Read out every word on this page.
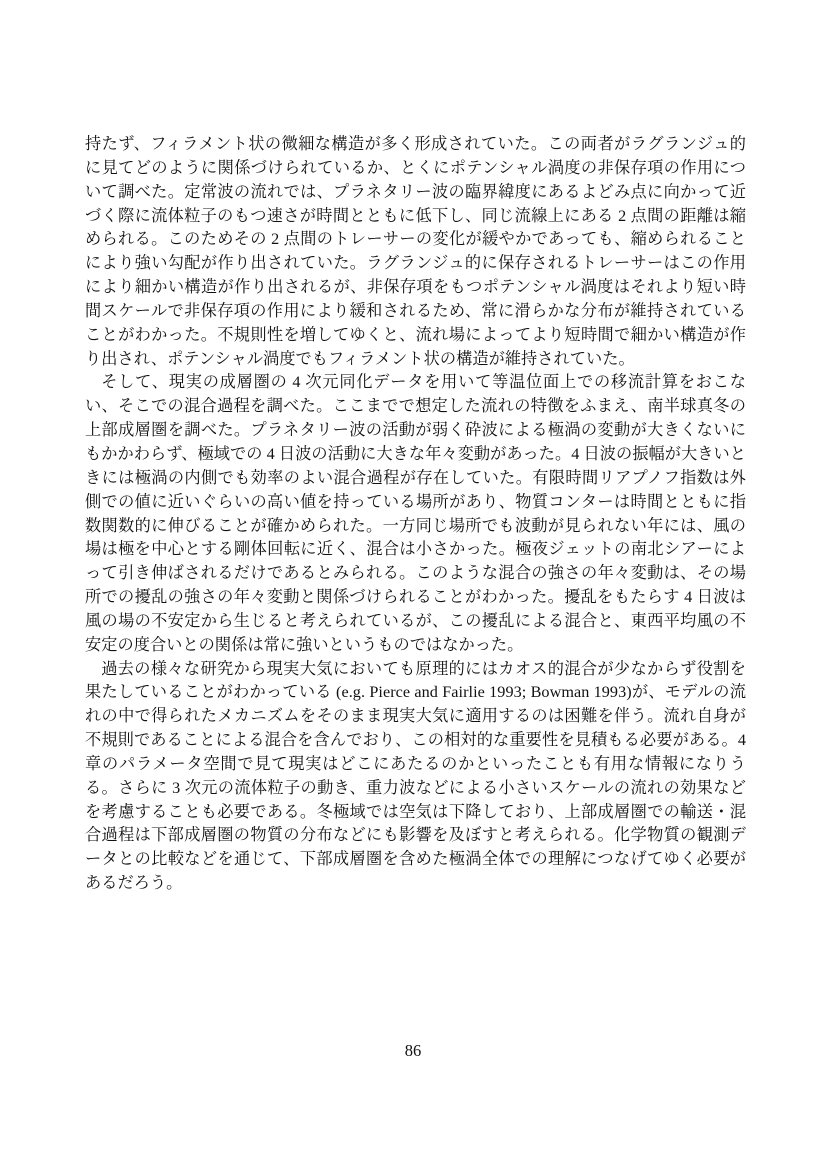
持たず、フィラメント状の微細な構造が多く形成されていた。この両者がラグランジュ的に見てどのように関係づけられているか、とくにポテンシャル渦度の非保存項の作用について調べた。定常波の流れでは、プラネタリー波の臨界緯度にあるよどみ点に向かって近づく際に流体粒子のもつ速さが時間とともに低下し、同じ流線上にある 2 点間の距離は縮められる。このためその 2 点間のトレーサーの変化が緩やかであっても、縮められることにより強い勾配が作り出されていた。ラグランジュ的に保存されるトレーサーはこの作用により細かい構造が作り出されるが、非保存項をもつポテンシャル渦度はそれより短い時間スケールで非保存項の作用により緩和されるため、常に滑らかな分布が維持されていることがわかった。不規則性を増してゆくと、流れ場によってより短時間で細かい構造が作り出され、ポテンシャル渦度でもフィラメント状の構造が維持されていた。

そして、現実の成層圏の 4 次元同化データを用いて等温位面上での移流計算をおこない、そこでの混合過程を調べた。ここまでで想定した流れの特徴をふまえ、南半球真冬の上部成層圏を調べた。プラネタリー波の活動が弱く砕波による極渦の変動が大きくないにもかかわらず、極域での 4 日波の活動に大きな年々変動があった。4 日波の振幅が大きいときには極渦の内側でも効率のよい混合過程が存在していた。有限時間リアプノフ指数は外側での値に近いぐらいの高い値を持っている場所があり、物質コンターは時間とともに指数関数的に伸びることが確かめられた。一方同じ場所でも波動が見られない年には、風の場は極を中心とする剛体回転に近く、混合は小さかった。極夜ジェットの南北シアーによって引き伸ばされるだけであるとみられる。このような混合の強さの年々変動は、その場所での擾乱の強さの年々変動と関係づけられることがわかった。擾乱をもたらす 4 日波は風の場の不安定から生じると考えられているが、この擾乱による混合と、東西平均風の不安定の度合いとの関係は常に強いというものではなかった。

過去の様々な研究から現実大気においても原理的にはカオス的混合が少なからず役割を果たしていることがわかっている (e.g. Pierce and Fairlie 1993; Bowman 1993)が、モデルの流れの中で得られたメカニズムをそのまま現実大気に適用するのは困難を伴う。流れ自身が不規則であることによる混合を含んでおり、この相対的な重要性を見積もる必要がある。4 章のパラメータ空間で見て現実はどこにあたるのかといったことも有用な情報になりうる。さらに 3 次元の流体粒子の動き、重力波などによる小さいスケールの流れの効果などを考慮することも必要である。冬極域では空気は下降しており、上部成層圏での輸送・混合過程は下部成層圏の物質の分布などにも影響を及ぼすと考えられる。化学物質の観測データとの比較などを通じて、下部成層圏を含めた極渦全体での理解につなげてゆく必要があるだろう。

86
